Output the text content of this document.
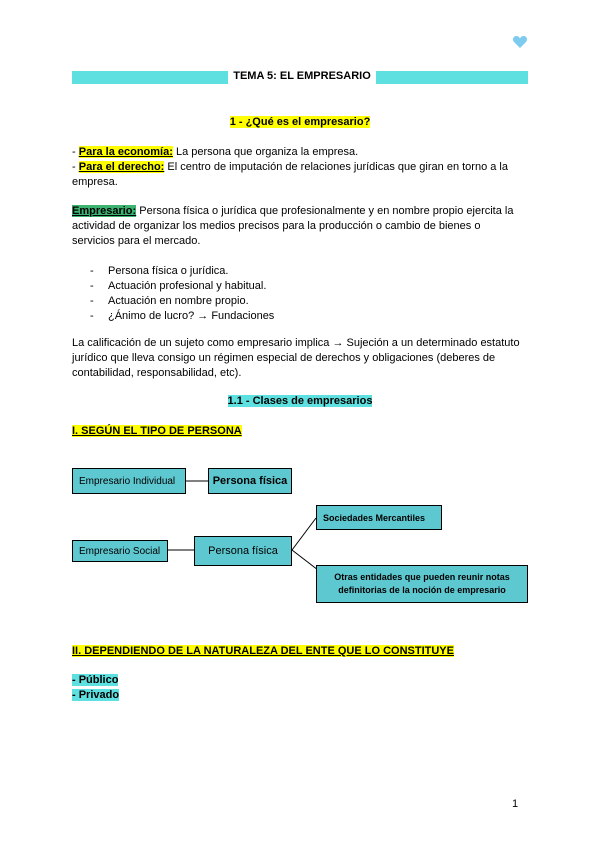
TEMA 5: EL EMPRESARIO
1 - ¿Qué es el empresario?
- Para la economía: La persona que organiza la empresa.
- Para el derecho: El centro de imputación de relaciones jurídicas que giran en torno a la
empresa.
Empresario: Persona física o jurídica que profesionalmente y en nombre propio ejercita la
actividad de organizar los medios precisos para la producción o cambio de bienes o
servicios para el mercado.
- Persona física o jurídica.
- Actuación profesional y habitual.
- Actuación en nombre propio.
- ¿Ánimo de lucro? → Fundaciones
La calificación de un sujeto como empresario implica → Sujeción a un determinado estatuto
jurídico que lleva consigo un régimen especial de derechos y obligaciones (deberes de
contabilidad, responsabilidad, etc).
1.1 - Clases de empresarios
I. SEGÚN EL TIPO DE PERSONA
Empresario Individual	Persona física
Empresario Social	Persona física
Sociedades Mercantiles
Otras entidades que pueden reunir notas
definitorias de la noción de empresario
II. DEPENDIENDO DE LA NATURALEZA DEL ENTE QUE LO CONSTITUYE
- Público
- Privado
1
